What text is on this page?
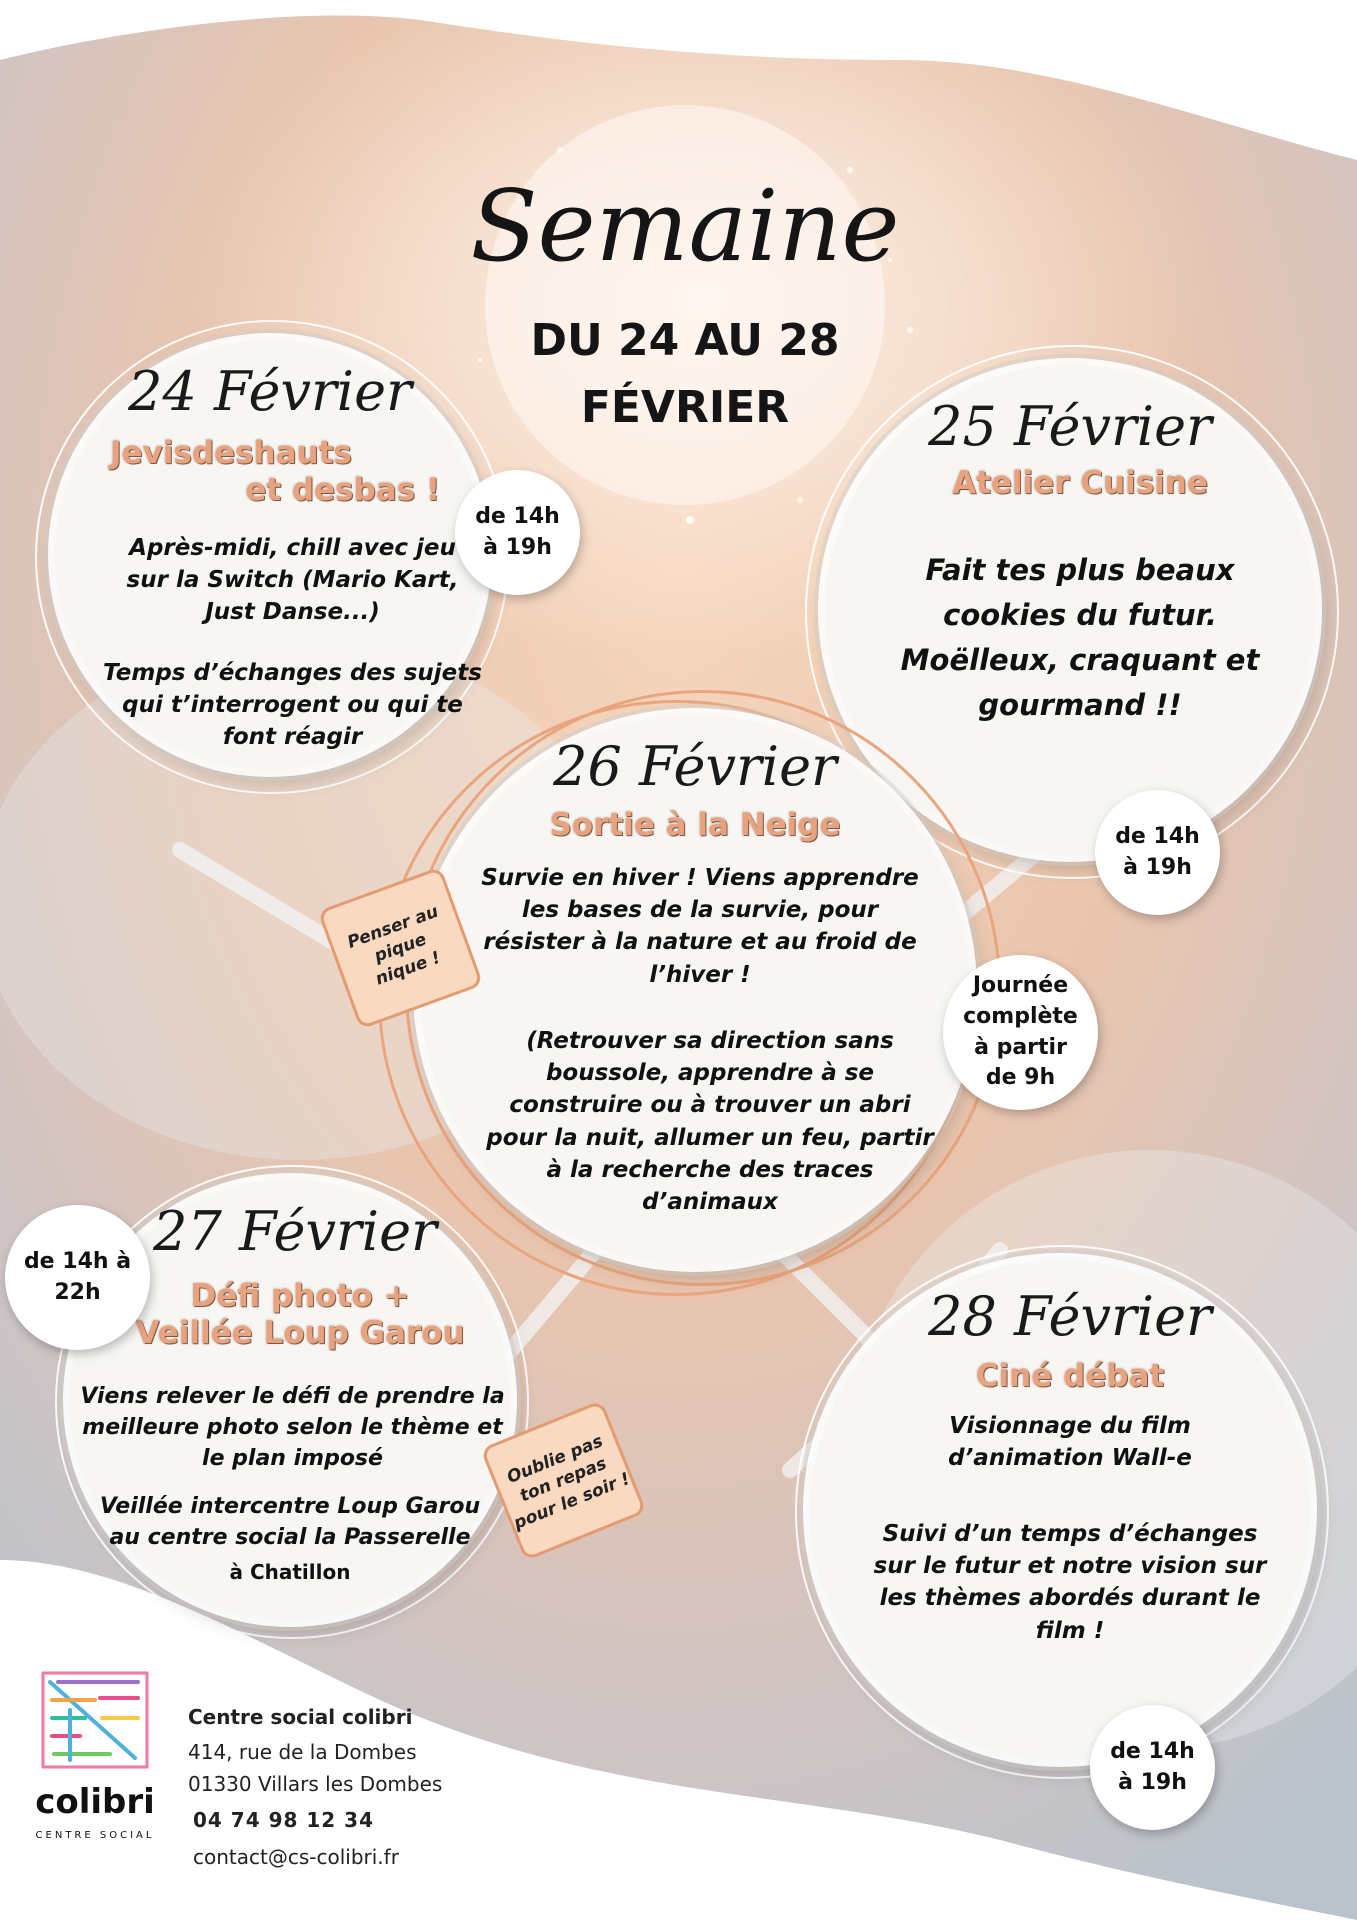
Semaine
DU 24 AU 28
FÉVRIER
24 Février
Jevisdeshauts
et desbas !
Après-midi, chill avec jeu sur la Switch (Mario Kart, Just Danse...)
Temps d’échanges des sujets qui t’interrogent ou qui te font réagir
de 14h
à 19h
25 Février
Atelier Cuisine
Fait tes plus beaux cookies du futur. Moëlleux, craquant et gourmand !!
de 14h
à 19h
26 Février
Sortie à la Neige
Survie en hiver ! Viens apprendre les bases de la survie, pour résister à la nature et au froid de l’hiver !
(Retrouver sa direction sans boussole, apprendre à se construire ou à trouver un abri pour la nuit, allumer un feu, partir à la recherche des traces d’animaux
Journée
complète
à partir
de 9h
Penser au
pique
nique !
27 Février
Défi photo +
Veillée Loup Garou
Viens relever le défi de prendre la meilleure photo selon le thème et le plan imposé
Veillée intercentre Loup Garou au centre social la Passerelle
à Chatillon
de 14h à
22h
Oublie pas
ton repas
pour le soir !
28 Février
Ciné débat
Visionnage du film d’animation Wall-e
Suivi d’un temps d’échanges sur le futur et notre vision sur les thèmes abordés durant le film !
de 14h
à 19h
colibri
CENTRE SOCIAL
Centre social colibri
414, rue de la Dombes
01330 Villars les Dombes
04 74 98 12 34
contact@cs-colibri.fr
